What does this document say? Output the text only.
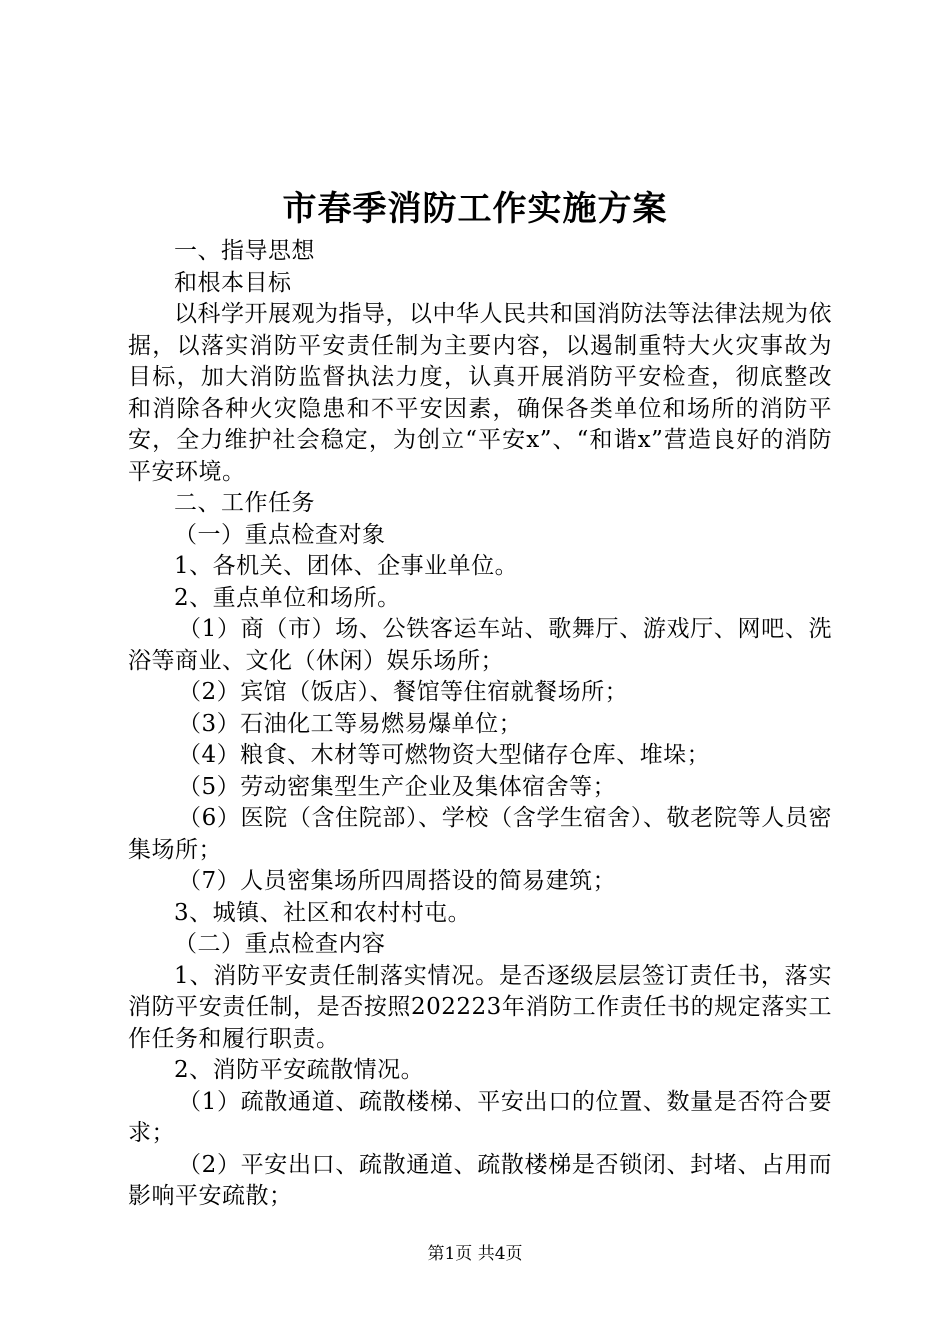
市春季消防工作实施方案

一、指导思想

和根本目标

以科学开展观为指导，以中华人民共和国消防法等法律法规为依据，以落实消防平安责任制为主要内容，以遏制重特大火灾事故为目标，加大消防监督执法力度，认真开展消防平安检查，彻底整改和消除各种火灾隐患和不平安因素，确保各类单位和场所的消防平安，全力维护社会稳定，为创立“平安x”、“和谐x”营造良好的消防平安环境。

二、工作任务

（一）重点检查对象

1、各机关、团体、企事业单位。

2、重点单位和场所。

（1）商（市）场、公铁客运车站、歌舞厅、游戏厅、网吧、洗浴等商业、文化（休闲）娱乐场所；

（2）宾馆（饭店）、餐馆等住宿就餐场所；

（3）石油化工等易燃易爆单位；

（4）粮食、木材等可燃物资大型储存仓库、堆垛；

（5）劳动密集型生产企业及集体宿舍等；

（6）医院（含住院部）、学校（含学生宿舍）、敬老院等人员密集场所；

（7）人员密集场所四周搭设的简易建筑；

3、城镇、社区和农村村屯。

（二）重点检查内容

1、消防平安责任制落实情况。是否逐级层层签订责任书，落实消防平安责任制，是否按照202223年消防工作责任书的规定落实工作任务和履行职责。

2、消防平安疏散情况。

（1）疏散通道、疏散楼梯、平安出口的位置、数量是否符合要求；

（2）平安出口、疏散通道、疏散楼梯是否锁闭、封堵、占用而影响平安疏散；

第1页 共4页
